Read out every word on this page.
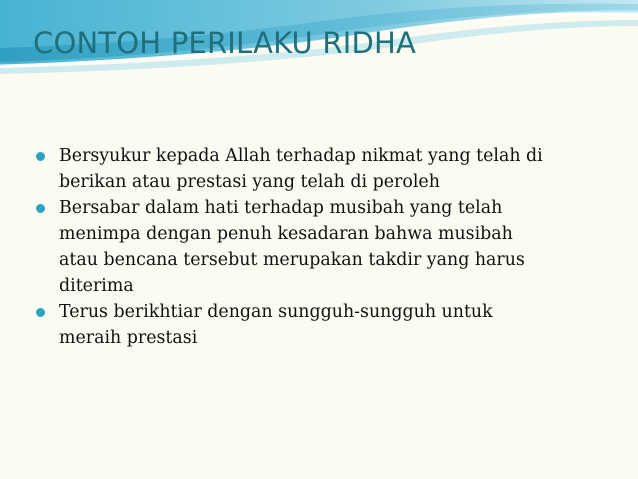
CONTOH PERILAKU RIDHA
Bersyukur kepada Allah terhadap nikmat yang telah di
berikan atau prestasi yang telah di peroleh
Bersabar dalam hati terhadap musibah yang telah
menimpa dengan penuh kesadaran bahwa musibah
atau bencana tersebut merupakan takdir yang harus
diterima
Terus berikhtiar dengan sungguh-sungguh untuk
meraih prestasi
